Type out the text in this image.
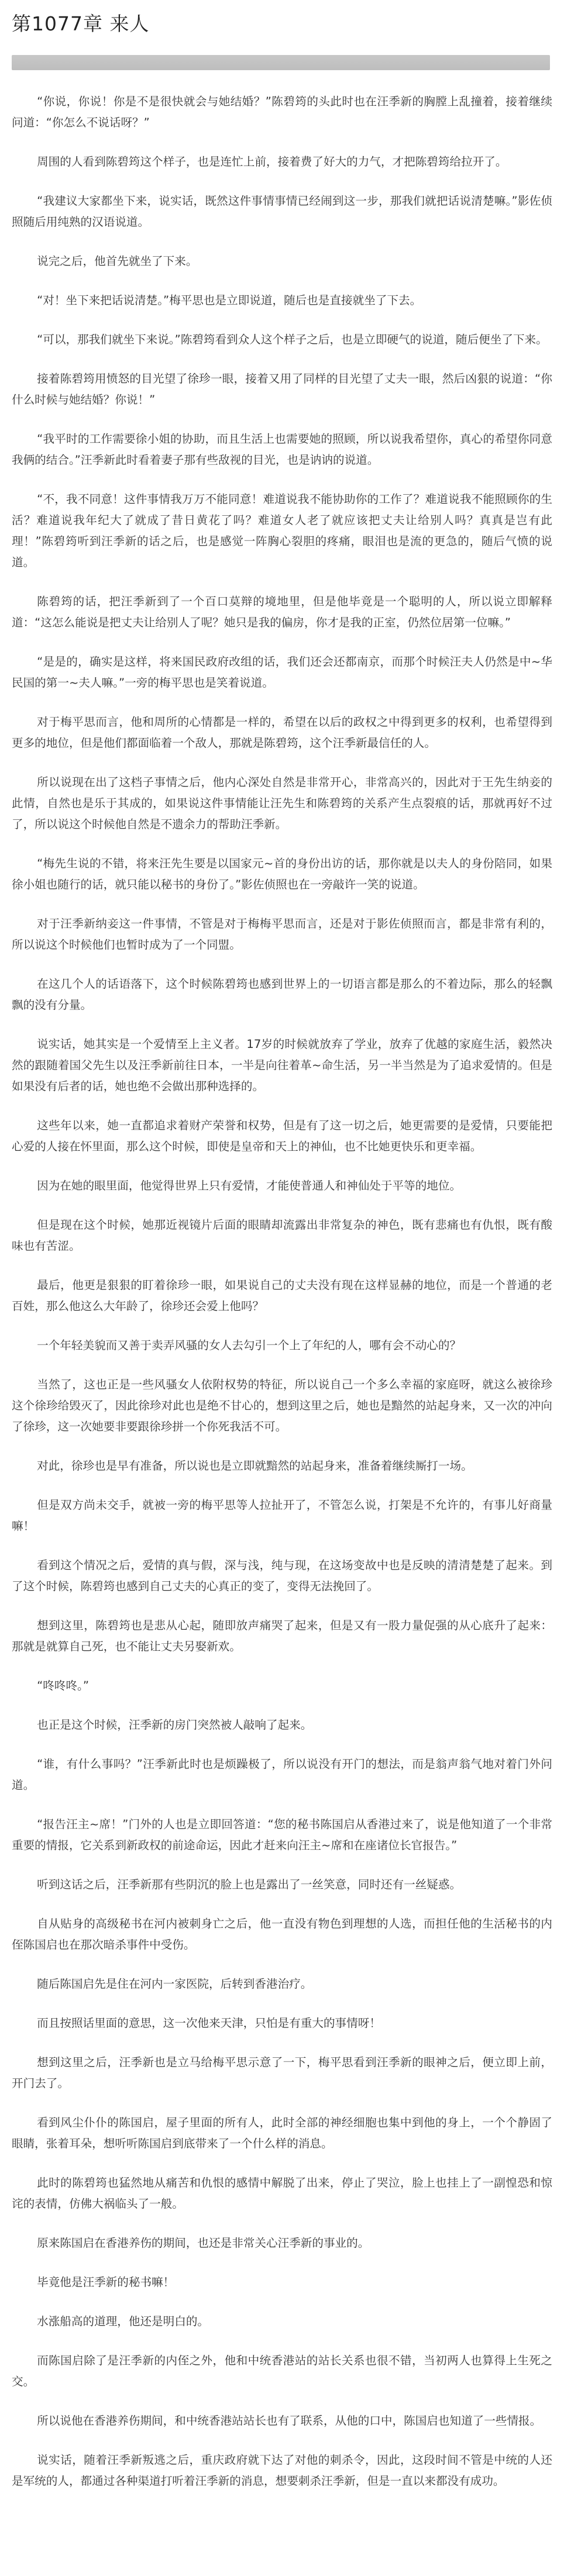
第1077章 来人

“你说，你说！你是不是很快就会与她结婚？”陈碧筠的头此时也在汪季新的胸膛上乱撞着，接着继续问道：“你怎么不说话呀？”

周围的人看到陈碧筠这个样子，也是连忙上前，接着费了好大的力气，才把陈碧筠给拉开了。

“我建议大家都坐下来，说实话，既然这件事情事情已经闹到这一步，那我们就把话说清楚嘛。”影佐侦照随后用纯熟的汉语说道。

说完之后，他首先就坐了下来。

“对！坐下来把话说清楚。”梅平思也是立即说道，随后也是直接就坐了下去。

“可以，那我们就坐下来说。”陈碧筠看到众人这个样子之后，也是立即硬气的说道，随后便坐了下来。

接着陈碧筠用愤怒的目光望了徐珍一眼，接着又用了同样的目光望了丈夫一眼，然后凶狠的说道：“你什么时候与她结婚？你说！”

“我平时的工作需要徐小姐的协助，而且生活上也需要她的照顾，所以说我希望你，真心的希望你同意我俩的结合。”汪季新此时看着妻子那有些敌视的目光，也是讷讷的说道。

“不，我不同意！这件事情我万万不能同意！难道说我不能协助你的工作了？难道说我不能照顾你的生活？难道说我年纪大了就成了昔日黄花了吗？难道女人老了就应该把丈夫让给别人吗？真真是岂有此理！”陈碧筠听到汪季新的话之后，也是感觉一阵胸心裂胆的疼痛，眼泪也是流的更急的，随后气愤的说道。

陈碧筠的话，把汪季新到了一个百口莫辩的境地里，但是他毕竟是一个聪明的人，所以说立即解释道：“这怎么能说是把丈夫让给别人了呢？她只是我的偏房，你才是我的正室，仍然位居第一位嘛。”

“是是的，确实是这样，将来国民政府改组的话，我们还会还都南京，而那个时候汪夫人仍然是中~华民国的第一~夫人嘛。”一旁的梅平思也是笑着说道。

对于梅平思而言，他和周所的心情都是一样的，希望在以后的政权之中得到更多的权利，也希望得到更多的地位，但是他们都面临着一个敌人，那就是陈碧筠，这个汪季新最信任的人。

所以说现在出了这档子事情之后，他内心深处自然是非常开心，非常高兴的，因此对于王先生纳妾的此情，自然也是乐于其成的，如果说这件事情能让汪先生和陈碧筠的关系产生点裂痕的话，那就再好不过了，所以说这个时候他自然是不遗余力的帮助汪季新。

“梅先生说的不错，将来汪先生要是以国家元~首的身份出访的话，那你就是以夫人的身份陪同，如果徐小姐也随行的话，就只能以秘书的身份了。”影佐侦照也在一旁敲许一笑的说道。

对于汪季新纳妾这一件事情，不管是对于梅梅平思而言，还是对于影佐侦照而言，都是非常有利的，所以说这个时候他们也暂时成为了一个同盟。

在这几个人的话语落下，这个时候陈碧筠也感到世界上的一切语言都是那么的不着边际，那么的轻飘飘的没有分量。

说实话，她其实是一个爱情至上主义者。17岁的时候就放弃了学业，放弃了优越的家庭生活，毅然决然的跟随着国父先生以及汪季新前往日本，一半是向往着革~命生活，另一半当然是为了追求爱情的。但是如果没有后者的话，她也绝不会做出那种选择的。

这些年以来，她一直都追求着财产荣誉和权势，但是有了这一切之后，她更需要的是爱情，只要能把心爱的人接在怀里面，那么这个时候，即使是皇帝和天上的神仙，也不比她更快乐和更幸福。

因为在她的眼里面，他觉得世界上只有爱情，才能使普通人和神仙处于平等的地位。

但是现在这个时候，她那近视镜片后面的眼睛却流露出非常复杂的神色，既有悲痛也有仇恨，既有酸味也有苦涩。

最后，他更是狠狠的盯着徐珍一眼，如果说自己的丈夫没有现在这样显赫的地位，而是一个普通的老百姓，那么他这么大年龄了，徐珍还会爱上他吗？

一个年轻美貌而又善于卖弄风骚的女人去勾引一个上了年纪的人，哪有会不动心的？

当然了，这也正是一些风骚女人依附权势的特征，所以说自己一个多么幸福的家庭呀，就这么被徐珍这个徐珍给毁灭了，因此徐珍对此也是绝不甘心的，想到这里之后，她也是黯然的站起身来，又一次的冲向了徐珍，这一次她要非要跟徐珍拼一个你死我活不可。

对此，徐珍也是早有准备，所以说也是立即就黯然的站起身来，准备着继续厮打一场。

但是双方尚未交手，就被一旁的梅平思等人拉扯开了，不管怎么说，打架是不允许的，有事儿好商量嘛！

看到这个情况之后，爱情的真与假，深与浅，纯与现，在这场变故中也是反映的清清楚楚了起来。到了这个时候，陈碧筠也感到自己丈夫的心真正的变了，变得无法挽回了。

想到这里，陈碧筠也是悲从心起，随即放声痛哭了起来，但是又有一股力量促强的从心底升了起来：那就是就算自己死，也不能让丈夫另娶新欢。

“咚咚咚。”

也正是这个时候，汪季新的房门突然被人敲响了起来。

“谁，有什么事吗？”汪季新此时也是烦躁极了，所以说没有开门的想法，而是翁声翁气地对着门外问道。

“报告汪主~席！”门外的人也是立即回答道：“您的秘书陈国启从香港过来了，说是他知道了一个非常重要的情报，它关系到新政权的前途命运，因此才赶来向汪主~席和在座诸位长官报告。”

听到这话之后，汪季新那有些阴沉的脸上也是露出了一丝笑意，同时还有一丝疑惑。

自从贴身的高级秘书在河内被刺身亡之后，他一直没有物色到理想的人选，而担任他的生活秘书的内侄陈国启也在那次暗杀事件中受伤。

随后陈国启先是住在河内一家医院，后转到香港治疗。

而且按照话里面的意思，这一次他来天津，只怕是有重大的事情呀！

想到这里之后，汪季新也是立马给梅平思示意了一下，梅平思看到汪季新的眼神之后，便立即上前，开门去了。

看到风尘仆仆的陈国启，屋子里面的所有人，此时全部的神经细胞也集中到他的身上，一个个静固了眼睛，张着耳朵，想听听陈国启到底带来了一个什么样的消息。

此时的陈碧筠也猛然地从痛苦和仇恨的感情中解脱了出来，停止了哭泣，脸上也挂上了一副惶恐和惊诧的表情，仿佛大祸临头了一般。

原来陈国启在香港养伤的期间，也还是非常关心汪季新的事业的。

毕竟他是汪季新的秘书嘛！

水涨船高的道理，他还是明白的。

而陈国启除了是汪季新的内侄之外，他和中统香港站的站长关系也很不错，当初两人也算得上生死之交。

所以说他在香港养伤期间，和中统香港站站长也有了联系，从他的口中，陈国启也知道了一些情报。

说实话，随着汪季新叛逃之后，重庆政府就下达了对他的刺杀令，因此，这段时间不管是中统的人还是军统的人，都通过各种渠道打听着汪季新的消息，想要刺杀汪季新，但是一直以来都没有成功。
